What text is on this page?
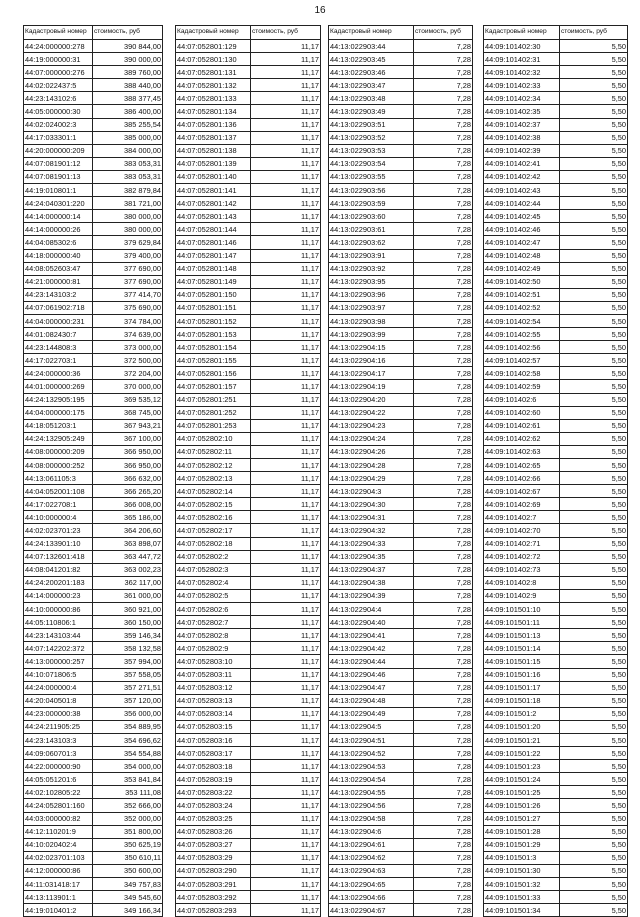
16
Кадастровый номер	стоимость, руб
44:24:000000:278	390 844,00
44:19:000000:31	390 000,00
44:07:000000:276	389 760,00
44:02:022437:5	388 440,00
44:23:143102:6	388 377,45
44:05:000000:30	386 400,00
44:02:024002:3	385 255,54
44:17:033301:1	385 000,00
44:20:000000:209	384 000,00
44:07:081901:12	383 053,31
44:07:081901:13	383 053,31
44:19:010801:1	382 879,84
44:24:040301:220	381 721,00
44:14:000000:14	380 000,00
44:14:000000:26	380 000,00
44:04:085302:6	379 629,84
44:18:000000:40	379 400,00
44:08:052603:47	377 690,00
44:21:000000:81	377 690,00
44:23:143103:2	377 414,70
44:07:061902:718	375 690,00
44:04:000000:231	374 784,00
44:01:082430:7	374 639,00
44:23:144808:3	373 000,00
44:17:022703:1	372 500,00
44:24:000000:36	372 204,00
44:01:000000:269	370 000,00
44:24:132905:195	369 535,12
44:04:000000:175	368 745,00
44:18:051203:1	367 943,21
44:24:132905:249	367 100,00
44:08:000000:209	366 950,00
44:08:000000:252	366 950,00
44:13:061105:3	366 632,00
44:04:052001:108	366 265,20
44:17:022708:1	366 008,00
44:10:000000:4	365 186,00
44:02:023701:23	364 206,60
44:24:133901:10	363 898,07
44:07:132601:418	363 447,72
44:08:041201:82	363 002,23
44:24:200201:183	362 117,00
44:14:000000:23	361 000,00
44:10:000000:86	360 921,00
44:05:110806:1	360 150,00
44:23:143103:44	359 146,34
44:07:142202:372	358 132,58
44:13:000000:257	357 994,00
44:10:071806:5	357 558,05
44:24:000000:4	357 271,51
44:20:040501:8	357 120,00
44:23:000000:38	356 000,00
44:24:211905:25	354 889,95
44:23:143103:3	354 696,62
44:09:060701:3	354 554,88
44:22:000000:90	354 000,00
44:05:051201:6	353 841,84
44:02:102805:22	353 111,08
44:24:052801:160	352 666,00
44:03:000000:82	352 000,00
44:12:110201:9	351 800,00
44:10:020402:4	350 625,19
44:02:023701:103	350 610,11
44:12:000000:86	350 600,00
44:11:031418:17	349 757,83
44:13:113901:1	349 545,60
44:19:010401:2	349 166,34
Кадастровый номер	стоимость, руб
44:07:052801:129	11,17
44:07:052801:130	11,17
44:07:052801:131	11,17
44:07:052801:132	11,17
44:07:052801:133	11,17
44:07:052801:134	11,17
44:07:052801:136	11,17
44:07:052801:137	11,17
44:07:052801:138	11,17
44:07:052801:139	11,17
44:07:052801:140	11,17
44:07:052801:141	11,17
44:07:052801:142	11,17
44:07:052801:143	11,17
44:07:052801:144	11,17
44:07:052801:146	11,17
44:07:052801:147	11,17
44:07:052801:148	11,17
44:07:052801:149	11,17
44:07:052801:150	11,17
44:07:052801:151	11,17
44:07:052801:152	11,17
44:07:052801:153	11,17
44:07:052801:154	11,17
44:07:052801:155	11,17
44:07:052801:156	11,17
44:07:052801:157	11,17
44:07:052801:251	11,17
44:07:052801:252	11,17
44:07:052801:253	11,17
44:07:052802:10	11,17
44:07:052802:11	11,17
44:07:052802:12	11,17
44:07:052802:13	11,17
44:07:052802:14	11,17
44:07:052802:15	11,17
44:07:052802:16	11,17
44:07:052802:17	11,17
44:07:052802:18	11,17
44:07:052802:2	11,17
44:07:052802:3	11,17
44:07:052802:4	11,17
44:07:052802:5	11,17
44:07:052802:6	11,17
44:07:052802:7	11,17
44:07:052802:8	11,17
44:07:052802:9	11,17
44:07:052803:10	11,17
44:07:052803:11	11,17
44:07:052803:12	11,17
44:07:052803:13	11,17
44:07:052803:14	11,17
44:07:052803:15	11,17
44:07:052803:16	11,17
44:07:052803:17	11,17
44:07:052803:18	11,17
44:07:052803:19	11,17
44:07:052803:22	11,17
44:07:052803:24	11,17
44:07:052803:25	11,17
44:07:052803:26	11,17
44:07:052803:27	11,17
44:07:052803:29	11,17
44:07:052803:290	11,17
44:07:052803:291	11,17
44:07:052803:292	11,17
44:07:052803:293	11,17
Кадастровый номер	стоимость, руб
44:13:022903:44	7,28
44:13:022903:45	7,28
44:13:022903:46	7,28
44:13:022903:47	7,28
44:13:022903:48	7,28
44:13:022903:49	7,28
44:13:022903:51	7,28
44:13:022903:52	7,28
44:13:022903:53	7,28
44:13:022903:54	7,28
44:13:022903:55	7,28
44:13:022903:56	7,28
44:13:022903:59	7,28
44:13:022903:60	7,28
44:13:022903:61	7,28
44:13:022903:62	7,28
44:13:022903:91	7,28
44:13:022903:92	7,28
44:13:022903:95	7,28
44:13:022903:96	7,28
44:13:022903:97	7,28
44:13:022903:98	7,28
44:13:022903:99	7,28
44:13:022904:15	7,28
44:13:022904:16	7,28
44:13:022904:17	7,28
44:13:022904:19	7,28
44:13:022904:20	7,28
44:13:022904:22	7,28
44:13:022904:23	7,28
44:13:022904:24	7,28
44:13:022904:26	7,28
44:13:022904:28	7,28
44:13:022904:29	7,28
44:13:022904:3	7,28
44:13:022904:30	7,28
44:13:022904:31	7,28
44:13:022904:32	7,28
44:13:022904:33	7,28
44:13:022904:35	7,28
44:13:022904:37	7,28
44:13:022904:38	7,28
44:13:022904:39	7,28
44:13:022904:4	7,28
44:13:022904:40	7,28
44:13:022904:41	7,28
44:13:022904:42	7,28
44:13:022904:44	7,28
44:13:022904:46	7,28
44:13:022904:47	7,28
44:13:022904:48	7,28
44:13:022904:49	7,28
44:13:022904:5	7,28
44:13:022904:51	7,28
44:13:022904:52	7,28
44:13:022904:53	7,28
44:13:022904:54	7,28
44:13:022904:55	7,28
44:13:022904:56	7,28
44:13:022904:58	7,28
44:13:022904:6	7,28
44:13:022904:61	7,28
44:13:022904:62	7,28
44:13:022904:63	7,28
44:13:022904:65	7,28
44:13:022904:66	7,28
44:13:022904:67	7,28
Кадастровый номер	стоимость, руб
44:09:101402:30	5,50
44:09:101402:31	5,50
44:09:101402:32	5,50
44:09:101402:33	5,50
44:09:101402:34	5,50
44:09:101402:35	5,50
44:09:101402:37	5,50
44:09:101402:38	5,50
44:09:101402:39	5,50
44:09:101402:41	5,50
44:09:101402:42	5,50
44:09:101402:43	5,50
44:09:101402:44	5,50
44:09:101402:45	5,50
44:09:101402:46	5,50
44:09:101402:47	5,50
44:09:101402:48	5,50
44:09:101402:49	5,50
44:09:101402:50	5,50
44:09:101402:51	5,50
44:09:101402:52	5,50
44:09:101402:54	5,50
44:09:101402:55	5,50
44:09:101402:56	5,50
44:09:101402:57	5,50
44:09:101402:58	5,50
44:09:101402:59	5,50
44:09:101402:6	5,50
44:09:101402:60	5,50
44:09:101402:61	5,50
44:09:101402:62	5,50
44:09:101402:63	5,50
44:09:101402:65	5,50
44:09:101402:66	5,50
44:09:101402:67	5,50
44:09:101402:69	5,50
44:09:101402:7	5,50
44:09:101402:70	5,50
44:09:101402:71	5,50
44:09:101402:72	5,50
44:09:101402:73	5,50
44:09:101402:8	5,50
44:09:101402:9	5,50
44:09:101501:10	5,50
44:09:101501:11	5,50
44:09:101501:13	5,50
44:09:101501:14	5,50
44:09:101501:15	5,50
44:09:101501:16	5,50
44:09:101501:17	5,50
44:09:101501:18	5,50
44:09:101501:2	5,50
44:09:101501:20	5,50
44:09:101501:21	5,50
44:09:101501:22	5,50
44:09:101501:23	5,50
44:09:101501:24	5,50
44:09:101501:25	5,50
44:09:101501:26	5,50
44:09:101501:27	5,50
44:09:101501:28	5,50
44:09:101501:29	5,50
44:09:101501:3	5,50
44:09:101501:30	5,50
44:09:101501:32	5,50
44:09:101501:33	5,50
44:09:101501:34	5,50
